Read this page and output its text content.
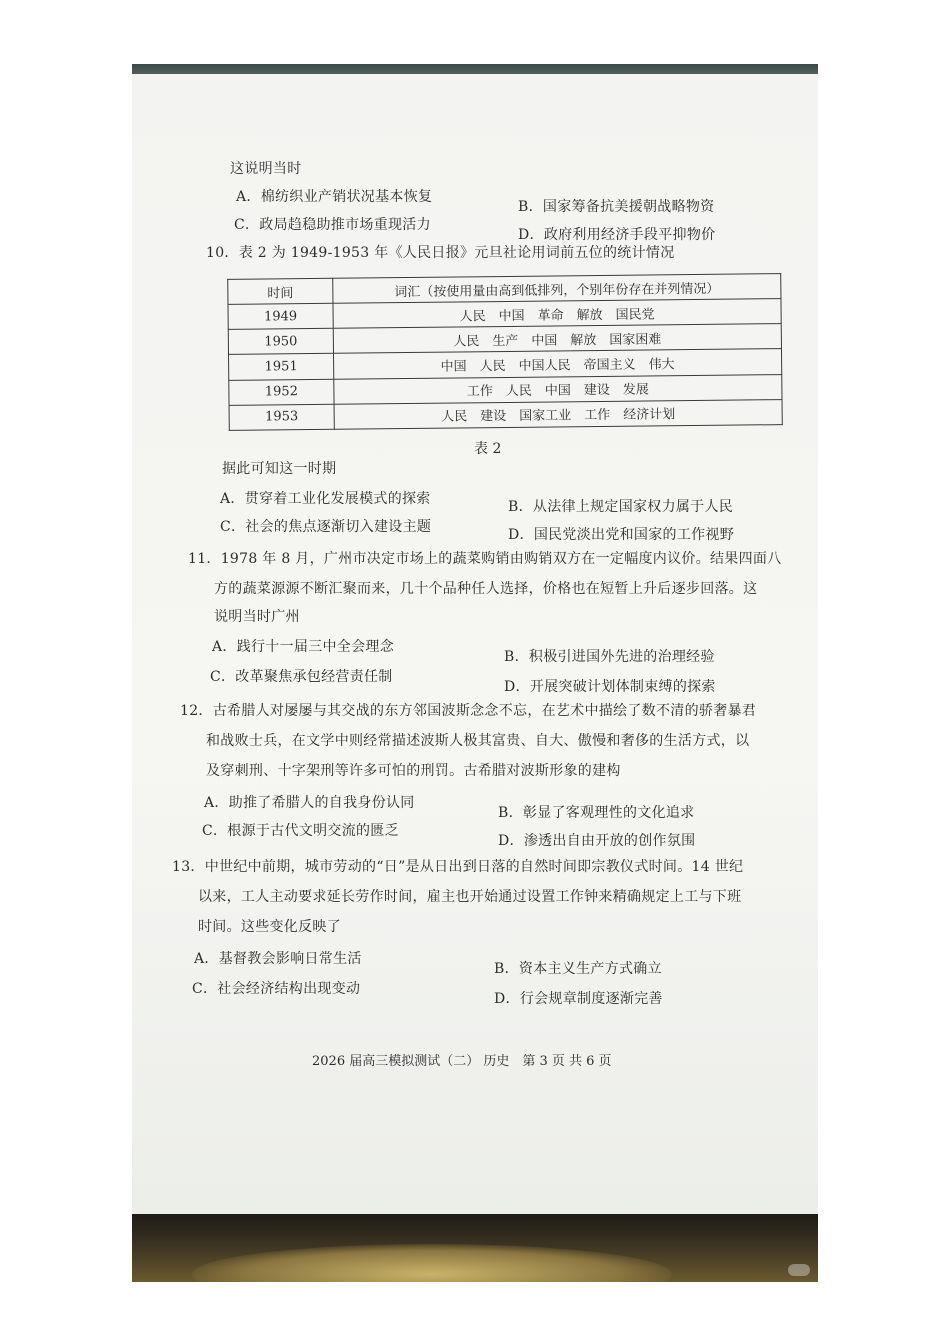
这说明当时
A．棉纺织业产销状况基本恢复
B．国家筹备抗美援朝战略物资
C．政局趋稳助推市场重现活力
D．政府利用经济手段平抑物价
10．表 2 为 1949-1953 年《人民日报》元旦社论用词前五位的统计情况
时间	词汇（按使用量由高到低排列，个别年份存在并列情况）
1949	人民　中国　革命　解放　国民党
1950	人民　生产　中国　解放　国家困难
1951	中国　人民　中国人民　帝国主义　伟大
1952	工作　人民　中国　建设　发展
1953	人民　建设　国家工业　工作　经济计划
表 2
据此可知这一时期
A．贯穿着工业化发展模式的探索	B．从法律上规定国家权力属于人民
C．社会的焦点逐渐切入建设主题	D．国民党淡出党和国家的工作视野
11．1978 年 8 月，广州市决定市场上的蔬菜购销由购销双方在一定幅度内议价。结果四面八
方的蔬菜源源不断汇聚而来，几十个品种任人选择，价格也在短暂上升后逐步回落。这
说明当时广州
A．践行十一届三中全会理念
B．积极引进国外先进的治理经验
C．改革聚焦承包经营责任制
D．开展突破计划体制束缚的探索
12．古希腊人对屡屡与其交战的东方邻国波斯念念不忘，在艺术中描绘了数不清的骄奢暴君
和战败士兵，在文学中则经常描述波斯人极其富贵、自大、傲慢和奢侈的生活方式，以
及穿刺刑、十字架刑等许多可怕的刑罚。古希腊对波斯形象的建构
A．助推了希腊人的自我身份认同
B．彰显了客观理性的文化追求
C．根源于古代文明交流的匮乏
D．渗透出自由开放的创作氛围
13．中世纪中前期，城市劳动的“日”是从日出到日落的自然时间即宗教仪式时间。14 世纪
以来，工人主动要求延长劳作时间，雇主也开始通过设置工作钟来精确规定上工与下班
时间。这些变化反映了
A．基督教会影响日常生活
B．资本主义生产方式确立
C．社会经济结构出现变动
D．行会规章制度逐渐完善
2026 届高三模拟测试（二） 历史　第 3 页 共 6 页
